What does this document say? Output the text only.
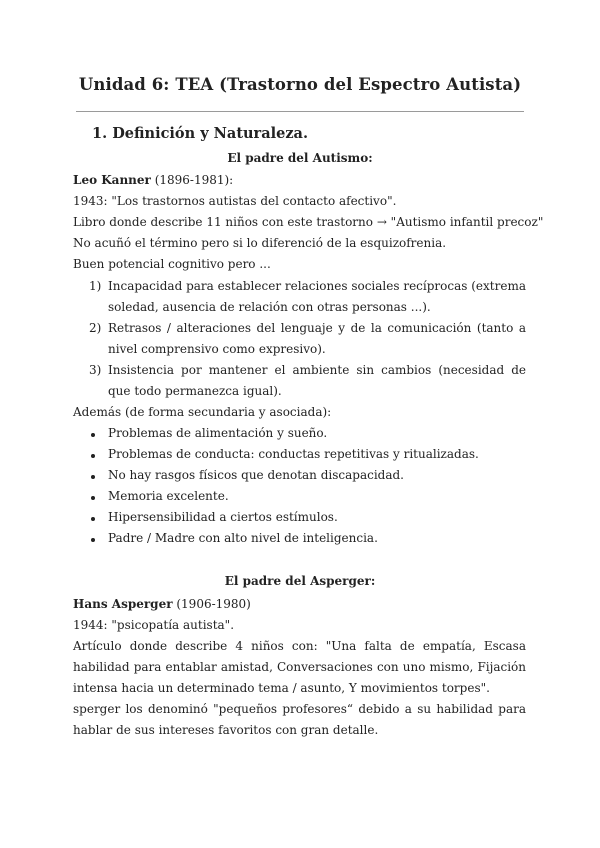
Unidad 6: TEA (Trastorno del Espectro Autista)
1. Definición y Naturaleza.
El padre del Autismo:
Leo Kanner (1896-1981):
1943: "Los trastornos autistas del contacto afectivo".
Libro donde describe 11 niños con este trastorno → "Autismo infantil precoz"
No acuñó el término pero si lo diferenció de la esquizofrenia.
Buen potencial cognitivo pero ...
1) Incapacidad para establecer relaciones sociales recíprocas (extrema soledad, ausencia de relación con otras personas ...).
2) Retrasos / alteraciones del lenguaje y de la comunicación (tanto a nivel comprensivo como expresivo).
3) Insistencia por mantener el ambiente sin cambios (necesidad de que todo permanezca igual).
Además (de forma secundaria y asociada):
Problemas de alimentación y sueño.
Problemas de conducta: conductas repetitivas y ritualizadas.
No hay rasgos físicos que denotan discapacidad.
Memoria excelente.
Hipersensibilidad a ciertos estímulos.
Padre / Madre con alto nivel de inteligencia.
El padre del Asperger:
Hans Asperger (1906-1980)
1944: "psicopatía autista".
Artículo donde describe 4 niños con: "Una falta de empatía, Escasa habilidad para entablar amistad, Conversaciones con uno mismo, Fijación intensa hacia un determinado tema / asunto, Y movimientos torpes".
sperger los denominó "pequeños profesores“ debido a su habilidad para hablar de sus intereses favoritos con gran detalle.
